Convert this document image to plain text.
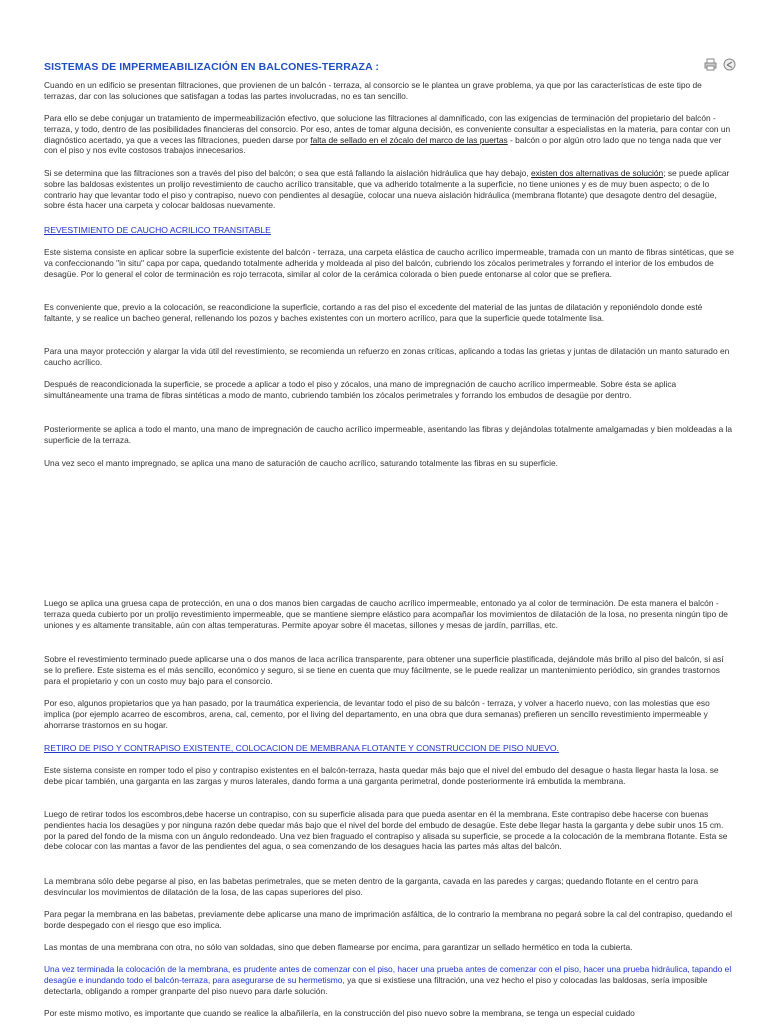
SISTEMAS DE IMPERMEABILIZACIÓN EN BALCONES-TERRAZA :

Cuando en un edificio se presentan filtraciones, que provienen de un balcón - terraza, al consorcio se le plantea un grave problema, ya que por las características de este tipo de terrazas, dar con las soluciones que satisfagan a todas las partes involucradas, no es tan sencillo.

Para ello se debe conjugar un tratamiento de impermeabilización efectivo, que solucione las filtraciones al damnificado, con las exigencias de terminación del propietario del balcón - terraza, y todo, dentro de las posibilidades financieras del consorcio. Por eso, antes de tomar alguna decisión, es conveniente consultar a especialistas en la materia, para contar con un diagnóstico acertado, ya que a veces las filtraciones, pueden darse por falta de sellado en el zócalo del marco de las puertas - balcón o por algún otro lado que no tenga nada que ver con el piso y nos evite costosos trabajos innecesarios.

Si se determina que las filtraciones son a través del piso del balcón; o sea que está fallando la aislación hidráulica que hay debajo, existen dos alternativas de solución; se puede aplicar sobre las baldosas existentes un prolijo revestimiento de caucho acrílico transitable, que va adherido totalmente a la superficie, no tiene uniones y es de muy buen aspecto; o de lo contrario hay que levantar todo el piso y contrapiso, nuevo con pendientes al desagüe, colocar una nueva aislación hidráulica (membrana flotante) que desagote dentro del desagüe, sobre ésta hacer una carpeta y colocar baldosas nuevamente.

REVESTIMIENTO DE CAUCHO ACRILICO TRANSITABLE

Este sistema consiste en aplicar sobre la superficie existente del balcón - terraza, una carpeta elástica de caucho acrílico impermeable, tramada con un manto de fibras sintéticas, que se va confeccionando "in situ" capa por capa, quedando totalmente adherida y moldeada al piso del balcón, cubriendo los zócalos perimetrales y forrando el interior de los embudos de desagüe. Por lo general el color de terminación es rojo terracota, similar al color de la cerámica colorada o bien puede entonarse al color que se prefiera.

Es conveniente que, previo a la colocación, se reacondicione la superficie, cortando a ras del piso el excedente del material de las juntas de dilatación y reponiéndolo donde esté faltante, y se realice un bacheo general, rellenando los pozos y baches existentes con un mortero acrílico, para que la superficie quede totalmente lisa.

Para una mayor protección y alargar la vida útil del revestimiento, se recomienda un refuerzo en zonas críticas, aplicando a todas las grietas y juntas de dilatación un manto saturado en caucho acrílico.

Después de reacondicionada la superficie, se procede a aplicar a todo el piso y zócalos, una mano de impregnación de caucho acrílico impermeable. Sobre ésta se aplica simultáneamente una trama de fibras sintéticas a modo de manto, cubriendo también los zócalos perimetrales y forrando los embudos de desagüe por dentro.

Posteriormente se aplica a todo el manto, una mano de impregnación de caucho acrílico impermeable, asentando las fibras y dejándolas totalmente amalgamadas y bien moldeadas a la superficie de la terraza.

Una vez seco el manto impregnado, se aplica una mano de saturación de caucho acrílico, saturando totalmente las fibras en su superficie.

Luego se aplica una gruesa capa de protección, en una o dos manos bien cargadas de caucho acrílico impermeable, entonado ya al color de terminación. De esta manera el balcón - terraza queda cubierto por un prolijo revestimiento impermeable, que se mantiene siempre elástico para acompañar los movimientos de dilatación de la losa, no presenta ningún tipo de uniones y es altamente transitable, aún con altas temperaturas. Permite apoyar sobre él macetas, sillones y mesas de jardín, parrillas, etc.

Sobre el revestimiento terminado puede aplicarse una o dos manos de laca acrílica transparente, para obtener una superficie plastificada, dejándole más brillo al piso del balcón, si así se lo prefiere. Este sistema es el más sencillo, económico y seguro, si se tiene en cuenta que muy fácilmente, se le puede realizar un mantenimiento periódico, sin grandes trastornos para el propietario y con un costo muy bajo para el consorcio.

Por eso, algunos propietarios que ya han pasado, por la traumática experiencia, de levantar todo el piso de su balcón - terraza, y volver a hacerlo nuevo, con las molestias que eso implica (por ejemplo acarreo de escombros, arena, cal, cemento, por el living del departamento, en una obra que dura semanas) prefieren un sencillo revestimiento impermeable y ahorrarse trastornos en su hogar.

RETIRO DE PISO Y CONTRAPISO EXISTENTE, COLOCACION DE MEMBRANA FLOTANTE Y CONSTRUCCION DE PISO NUEVO.

Este sistema consiste en romper todo el piso y contrapiso existentes en el balcón-terraza, hasta quedar más bajo que el nivel del embudo del desague o hasta llegar hasta la losa. se debe picar también, una garganta en las zargas y muros laterales, dando forma a una garganta perimetral, donde posteriormente irá embutida la membrana.

Luego de retirar todos los escombros,debe hacerse un contrapiso, con su superficie alisada para que pueda asentar en él la membrana. Este contrapiso debe hacerse con buenas pendientes hacia los desagües y por ninguna razón debe quedar más bajo que el nivel del borde del embudo de desagüe. Este debe llegar hasta la garganta y debe subir unos 15 cm. por la pared del fondo de la misma con un ángulo redondeado. Una vez bien fraguado el contrapiso y alisada su superficie, se procede a la colocación de la membrana flotante. Esta se debe colocar con las mantas a favor de las pendientes del agua, o sea comenzando de los desagues hacia las partes más altas del balcón.

La membrana sólo debe pegarse al piso, en las babetas perimetrales, que se meten dentro de la garganta, cavada en las paredes y cargas; quedando flotante en el centro para desvincular los movimientos de dilatación de la losa, de las capas superiores del piso.

Para pegar la membrana en las babetas, previamente debe aplicarse una mano de imprimación asfáltica, de lo contrario la membrana no pegará sobre la cal del contrapiso, quedando el borde despegado con el riesgo que eso implica.

Las montas de una membrana con otra, no sólo van soldadas, sino que deben flamearse por encima, para garantizar un sellado hermético en toda la cubierta.

Una vez terminada la colocación de la membrana, es prudente antes de comenzar con el piso, hacer una prueba antes de comenzar con el piso, hacer una prueba hidráulica, tapando el desagüe e inundando todo el balcón-terraza, para asegurarse de su hermetismo, ya que si existiese una filtración, una vez hecho el piso y colocadas las baldosas, sería imposible detectarla, obligando a romper granparte del piso nuevo para darle solución.

Por este mismo motivo, es importante que cuando se realice la albañilería, en la construcción del piso nuevo sobre la membrana, se tenga un especial cuidado
